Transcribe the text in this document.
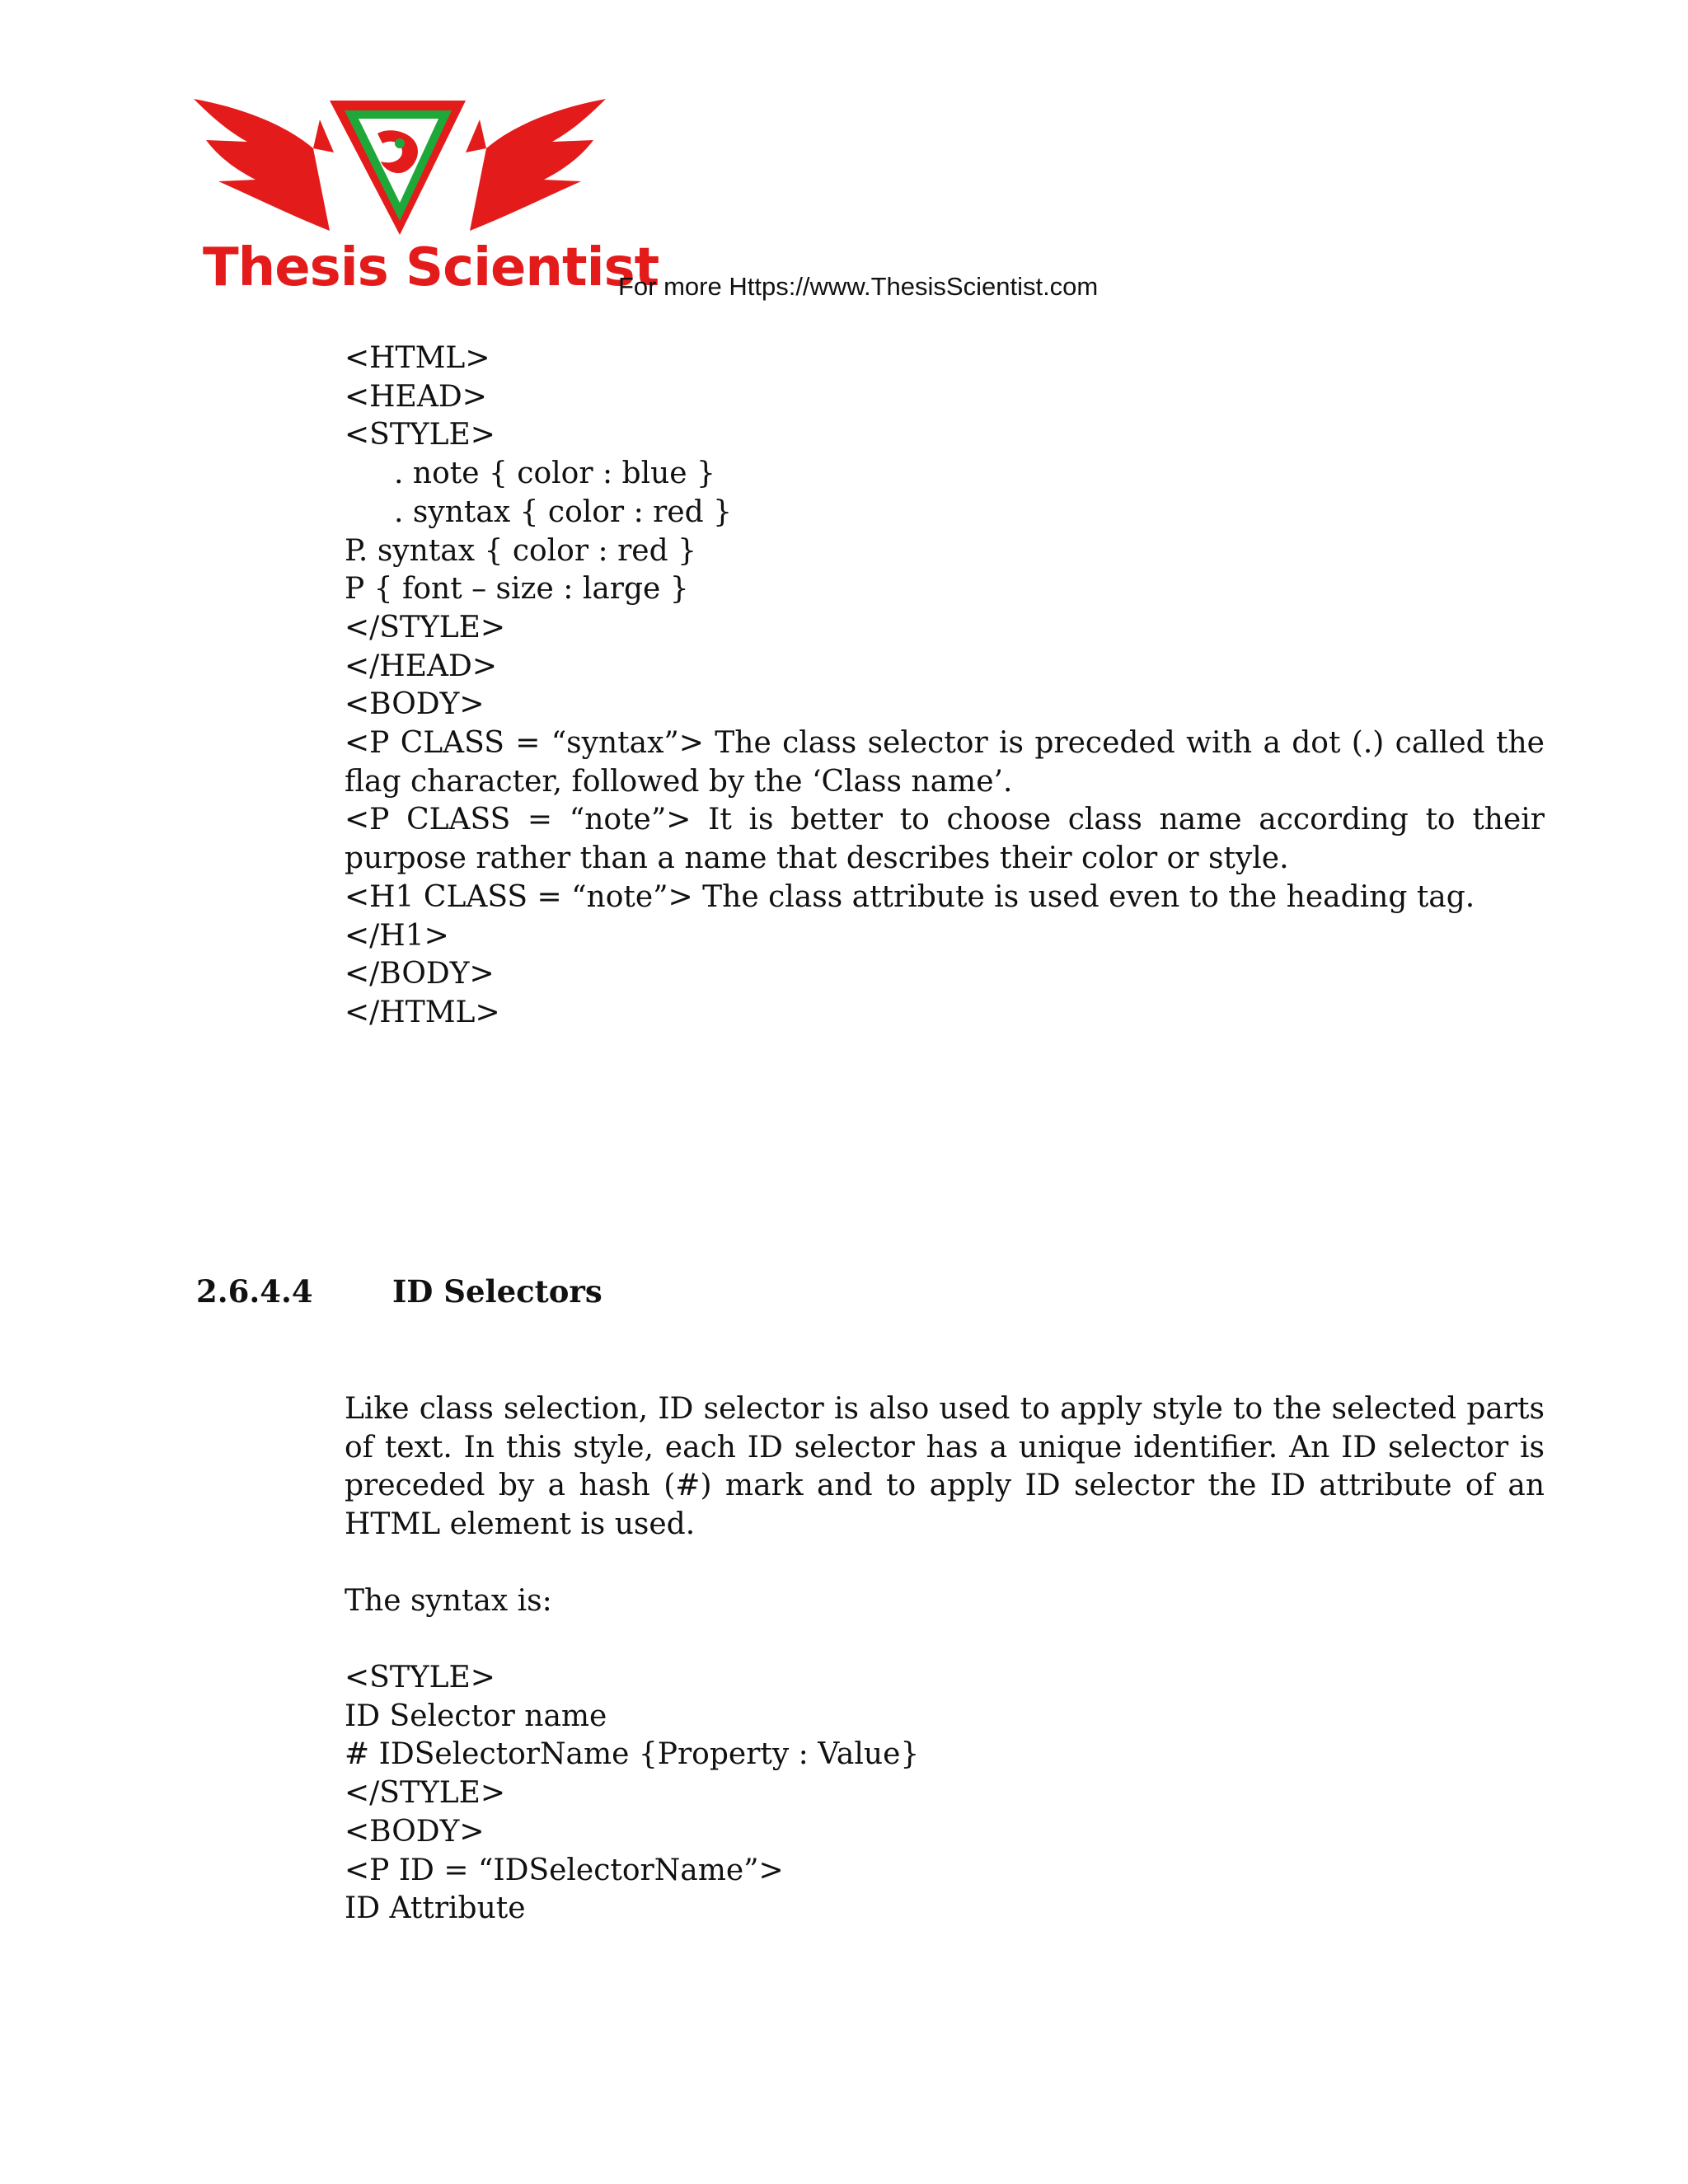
Thesis Scientist
For more Https://www.ThesisScientist.com
<HTML>
<HEAD>
<STYLE>
. note { color : blue }
. syntax { color : red }
P. syntax { color : red }
P { font – size : large }
</STYLE>
</HEAD>
<BODY>
<P CLASS = “syntax”> The class selector is preceded with a dot (.) called the flag character, followed by the ‘Class name’.
<P CLASS = “note”> It is better to choose class name according to their purpose rather than a name that describes their color or style.
<H1 CLASS = “note”> The class attribute is used even to the heading tag.
</H1>
</BODY>
</HTML>
2.6.4.4	ID Selectors
Like class selection, ID selector is also used to apply style to the selected parts of text. In this style, each ID selector has a unique identifier. An ID selector is preceded by a hash (#) mark and to apply ID selector the ID attribute of an HTML element is used.
The syntax is:
<STYLE>
ID Selector name
# IDSelectorName {Property : Value}
</STYLE>
<BODY>
<P ID = “IDSelectorName”>
ID Attribute
